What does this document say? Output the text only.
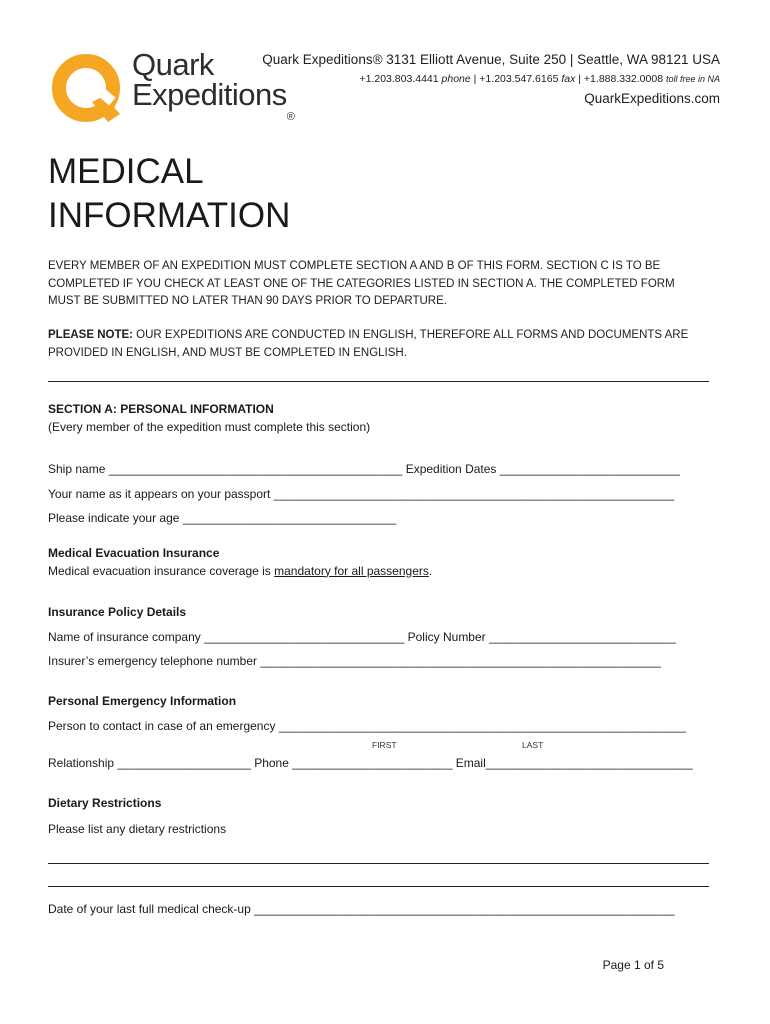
Quark
Expeditions®
Quark Expeditions® 3131 Elliott Avenue, Suite 250 | Seattle, WA 98121 USA
+1.203.803.4441 phone | +1.203.547.6165 fax | +1.888.332.0008 toll free in NA
QuarkExpeditions.com
MEDICAL
INFORMATION
EVERY MEMBER OF AN EXPEDITION MUST COMPLETE SECTION A AND B OF THIS FORM. SECTION C IS TO BE COMPLETED IF YOU CHECK AT LEAST ONE OF THE CATEGORIES LISTED IN SECTION A. THE COMPLETED FORM MUST BE SUBMITTED NO LATER THAN 90 DAYS PRIOR TO DEPARTURE.
PLEASE NOTE: OUR EXPEDITIONS ARE CONDUCTED IN ENGLISH, THEREFORE ALL FORMS AND DOCUMENTS ARE PROVIDED IN ENGLISH, AND MUST BE COMPLETED IN ENGLISH.
SECTION A: PERSONAL INFORMATION
(Every member of the expedition must complete this section)
Ship name ____________________________________________ Expedition Dates ___________________________
Your name as it appears on your passport ____________________________________________________________
Please indicate your age ________________________________
Medical Evacuation Insurance
Medical evacuation insurance coverage is mandatory for all passengers.
Insurance Policy Details
Name of insurance company ______________________________ Policy Number ____________________________
Insurer’s emergency telephone number ____________________________________________________________
Personal Emergency Information
Person to contact in case of an emergency _____________________________________________________________
FIRST	LAST
Relationship ____________________ Phone ________________________ Email_______________________________
Dietary Restrictions
Please list any dietary restrictions
Date of your last full medical check-up _______________________________________________________________
Page 1 of 5
